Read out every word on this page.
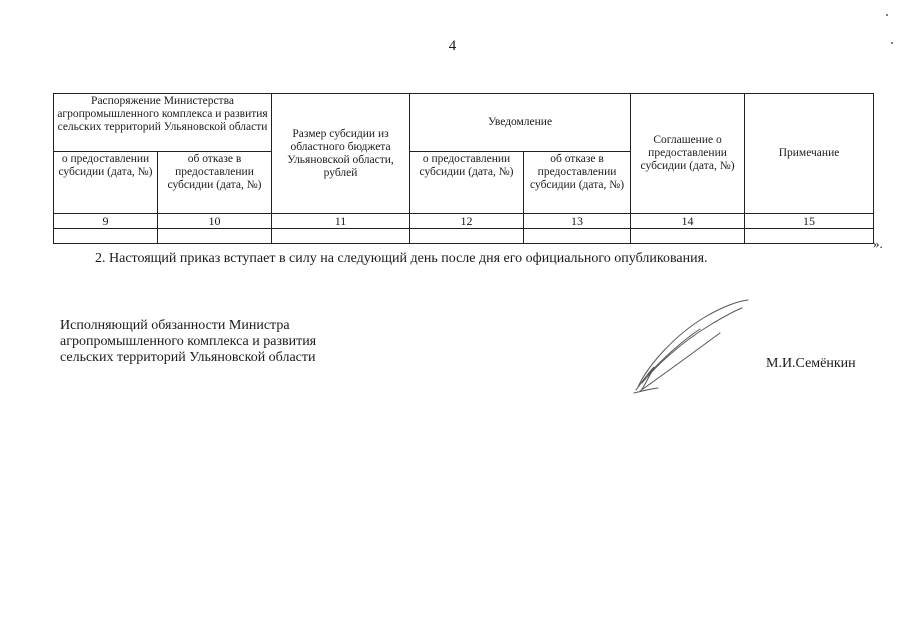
4
Распоряжение Министерства агропромышленного комплекса и развития сельских территорий Ульяновской области		Размер субсидии из областного бюджета Ульяновской области, рублей	Уведомление		Соглашение о предоставлении субсидии (дата, №)	Примечание
о предоставлении субсидии (дата, №)	об отказе в предоставлении субсидии (дата, №)		о предоставлении субсидии (дата, №)	об отказе в предоставлении субсидии (дата, №)		
9	10	11	12	13	14	15

».
2. Настоящий приказ вступает в силу на следующий день после дня его официального опубликования.
Исполняющий обязанности Министра
агропромышленного комплекса и развития
сельских территорий Ульяновской области	М.И.Семёнкин
